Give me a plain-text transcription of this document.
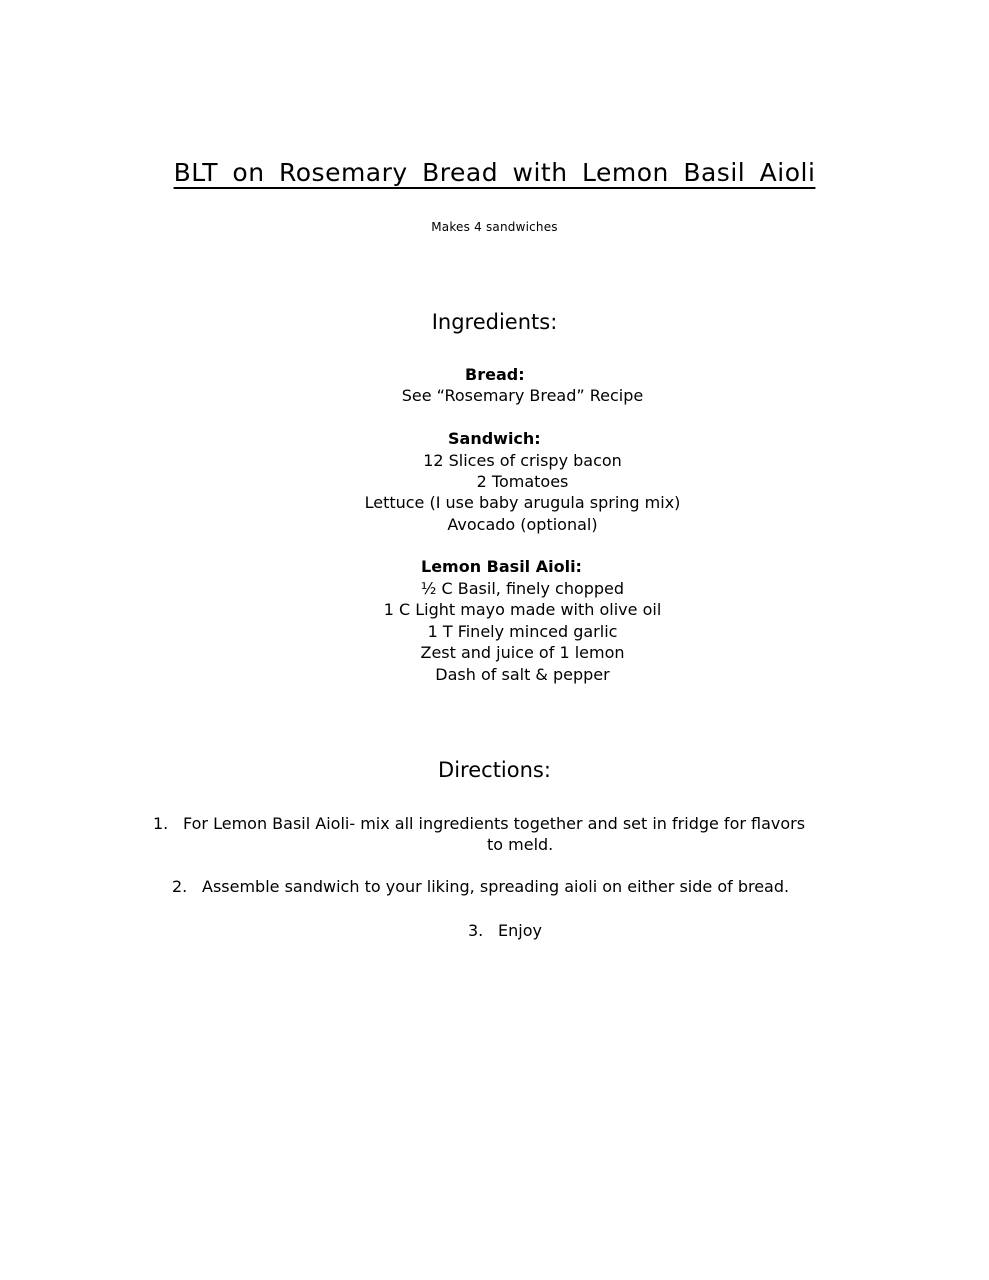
BLT on Rosemary Bread with Lemon Basil Aioli
Makes 4 sandwiches
Ingredients:
Bread:
See “Rosemary Bread” Recipe
Sandwich:
12 Slices of crispy bacon
2 Tomatoes
Lettuce (I use baby arugula spring mix)
Avocado (optional)
Lemon Basil Aioli:
½ C Basil, finely chopped
1 C Light mayo made with olive oil
1 T Finely minced garlic
Zest and juice of 1 lemon
Dash of salt & pepper
Directions:
1. For Lemon Basil Aioli- mix all ingredients together and set in fridge for flavors
to meld.
2. Assemble sandwich to your liking, spreading aioli on either side of bread.
3. Enjoy
